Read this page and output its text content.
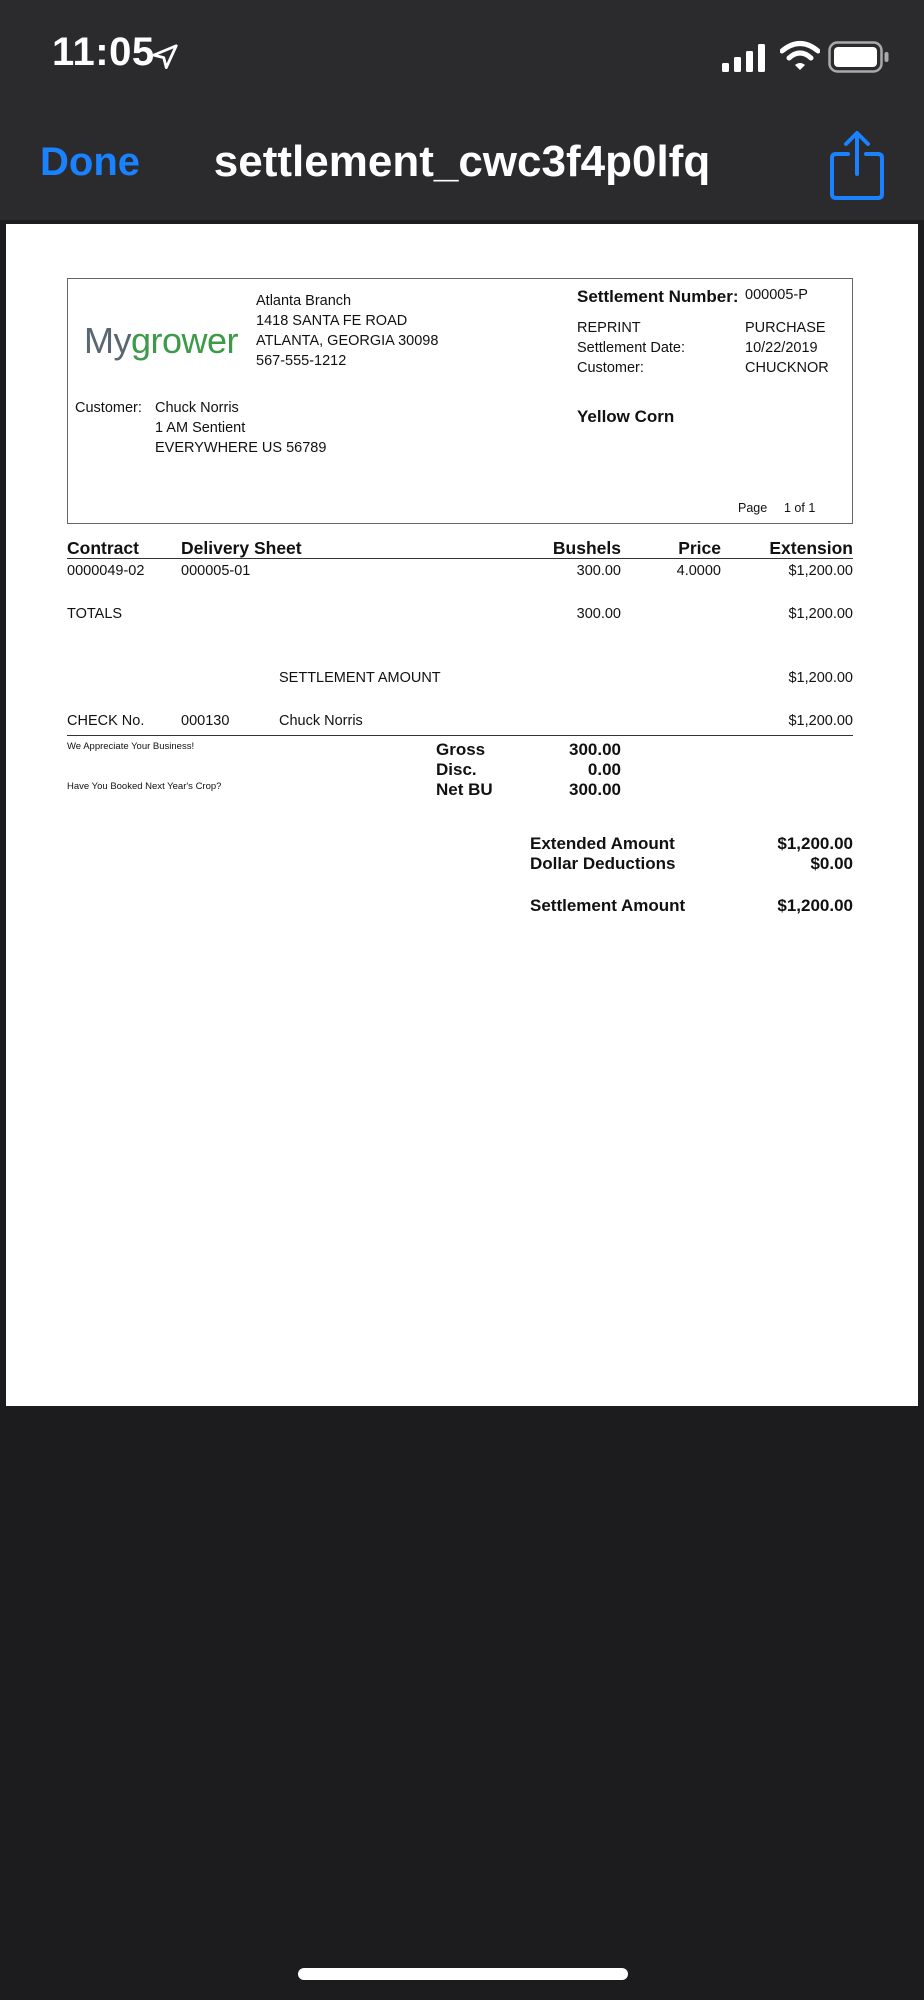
11:05
Done	settlement_cwc3f4p0lfq
Mygrower
Atlanta Branch
1418 SANTA FE ROAD
ATLANTA, GEORGIA 30098
567-555-1212
Settlement Number: 000005-P
REPRINT	PURCHASE
Settlement Date:	10/22/2019
Customer:	CHUCKNOR
Customer: Chuck Norris
1 AM Sentient
EVERYWHERE US 56789
Yellow Corn
Page 1 of 1
Contract Delivery Sheet	Bushels	Price	Extension
0000049-02	000005-01	300.00	4.0000	$1,200.00
TOTALS	300.00	$1,200.00
SETTLEMENT AMOUNT	$1,200.00
CHECK No.	000130	Chuck Norris	$1,200.00
We Appreciate Your Business!
Have You Booked Next Year's Crop?
Gross	300.00
Disc.	0.00
Net BU	300.00
Extended Amount	$1,200.00
Dollar Deductions	$0.00
Settlement Amount	$1,200.00
